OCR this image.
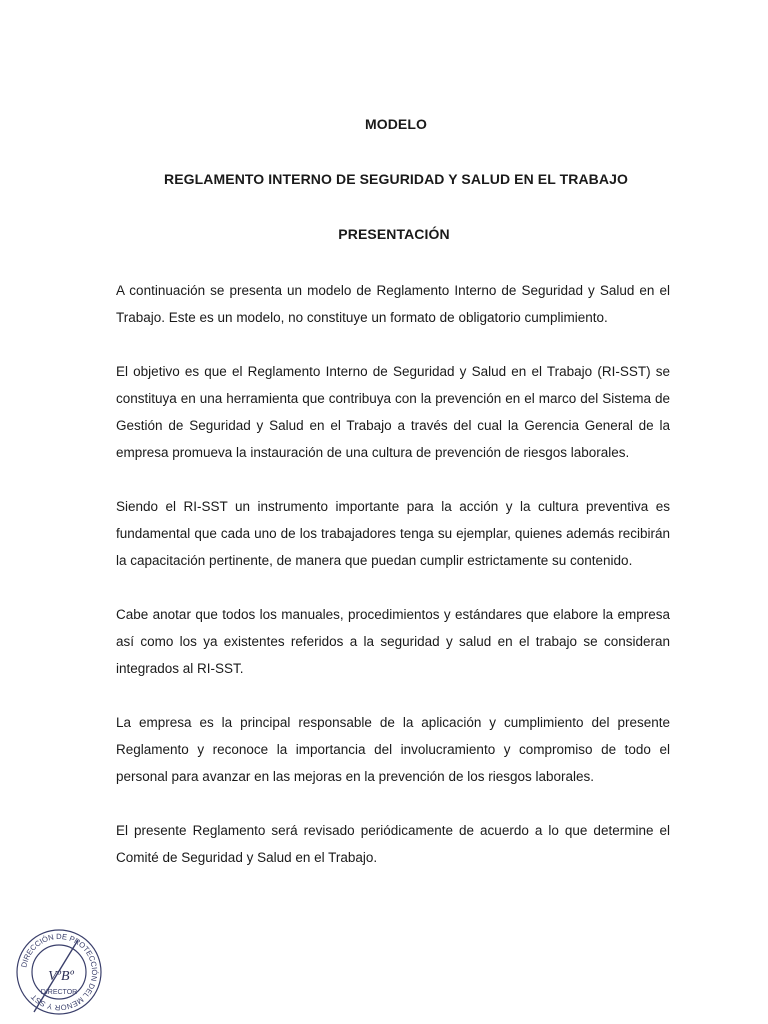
MODELO
REGLAMENTO INTERNO DE SEGURIDAD Y SALUD EN EL TRABAJO
PRESENTACIÓN

A continuación se presenta un modelo de Reglamento Interno de Seguridad y Salud en el Trabajo. Este es un modelo, no constituye un formato de obligatorio cumplimiento.

El objetivo es que el Reglamento Interno de Seguridad y Salud en el Trabajo (RI-SST) se constituya en una herramienta que contribuya con la prevención en el marco del Sistema de Gestión de Seguridad y Salud en el Trabajo a través del cual la Gerencia General de la empresa promueva la instauración de una cultura de prevención de riesgos laborales.

Siendo el RI-SST un instrumento importante para la acción y la cultura preventiva es fundamental que cada uno de los trabajadores tenga su ejemplar, quienes además recibirán la capacitación pertinente, de manera que puedan cumplir estrictamente su contenido.

Cabe anotar que todos los manuales, procedimientos y estándares que elabore la empresa así como los ya existentes referidos a la seguridad y salud en el trabajo se consideran integrados al RI-SST.

La empresa es la principal responsable de la aplicación y cumplimiento del presente Reglamento y reconoce la importancia del involucramiento y compromiso de todo el personal para avanzar en las mejoras en la prevención de los riesgos laborales.

El presente Reglamento será revisado periódicamente de acuerdo a lo que determine el Comité de Seguridad y Salud en el Trabajo.

DIRECCIÓN DE PROTECCIÓN DEL MENOR Y SST DIRECTOR
VºBº
